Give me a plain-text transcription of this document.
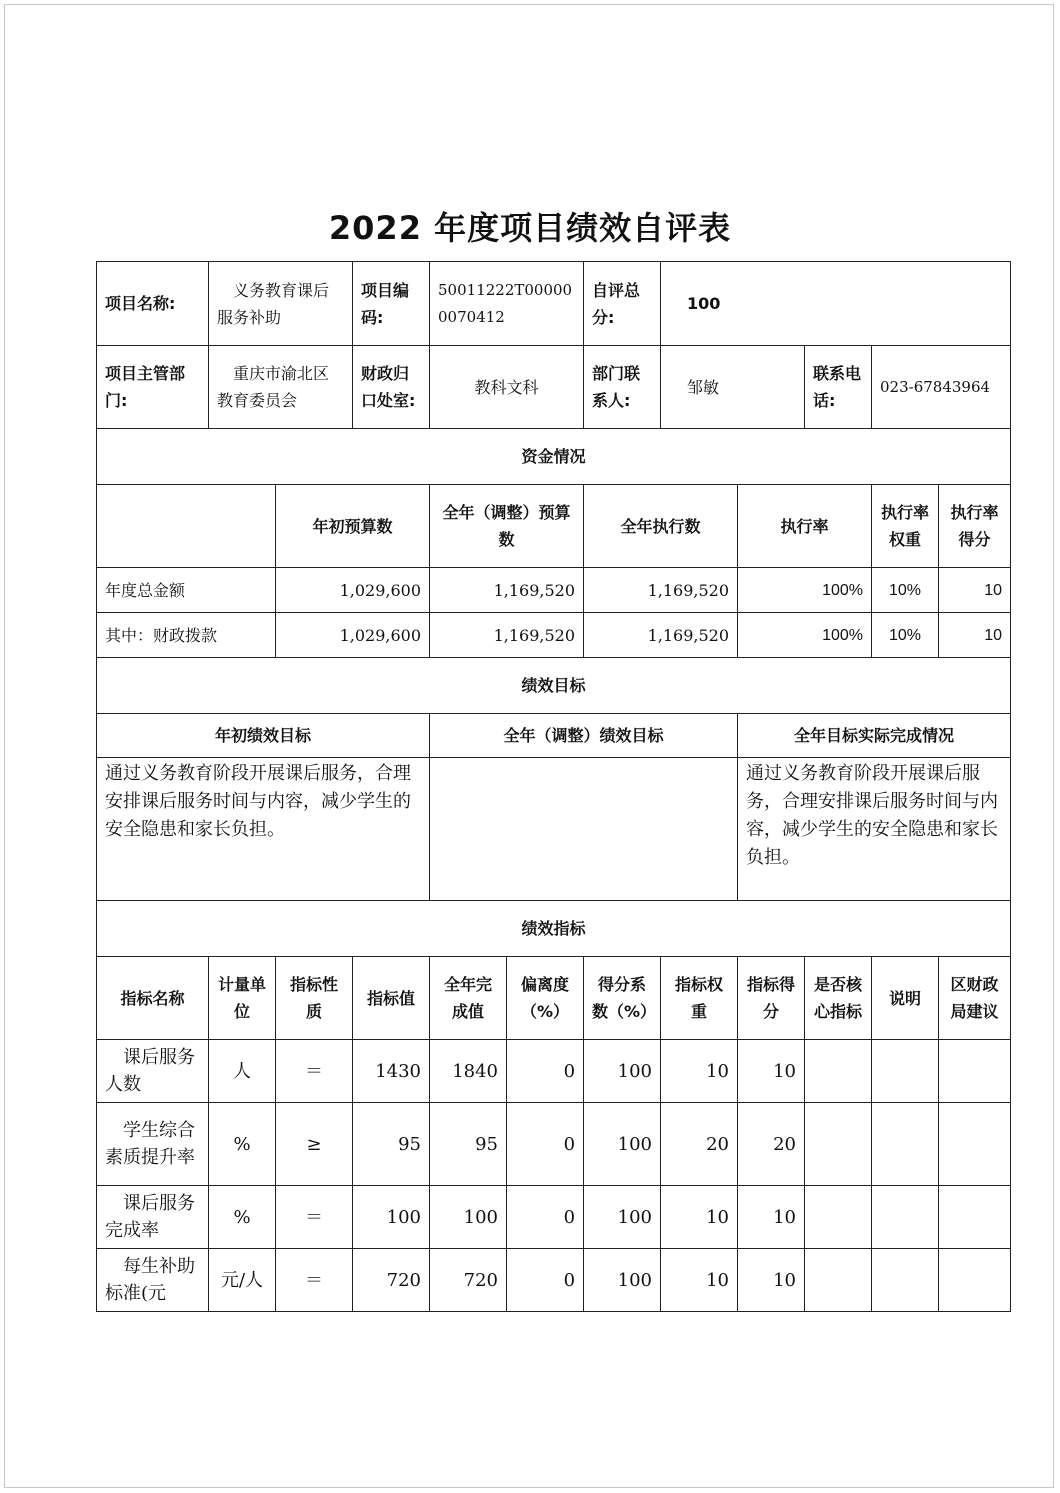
2022 年度项目绩效自评表
项目名称:	义务教育课后服务补助		项目编码:	50011222T000000070412		自评总分:	100				
项目主管部门:	重庆市渝北区教育委员会		财政归口处室:	教科文科		部门联系人:	邹敏		联系电话:	023-67843964	
资金情况											
		年初预算数		全年（调整）预算数		全年执行数		执行率		执行率权重	执行率得分
年度总金额		1,029,600		1,169,520		1,169,520		100%		10%	10
其中：财政拨款		1,029,600		1,169,520		1,169,520		100%		10%	10
绩效目标											
年初绩效目标				全年（调整）绩效目标				全年目标实际完成情况			
通过义务教育阶段开展课后服务，合理安排课后服务时间与内容，减少学生的安全隐患和家长负担。								通过义务教育阶段开展课后服务，合理安排课后服务时间与内容，减少学生的安全隐患和家长负担。			
绩效指标											
指标名称	计量单位	指标性质	指标值	全年完成值	偏离度（%）	得分系数（%）	指标权重	指标得分	是否核心指标	说明	区财政局建议
课后服务人数	人	＝	1430	1840	0	100	10	10			
学生综合素质提升率	%	≥	95	95	0	100	20	20			
课后服务完成率	%	＝	100	100	0	100	10	10			
每生补助标准(元	元/人	＝	720	720	0	100	10	10			
